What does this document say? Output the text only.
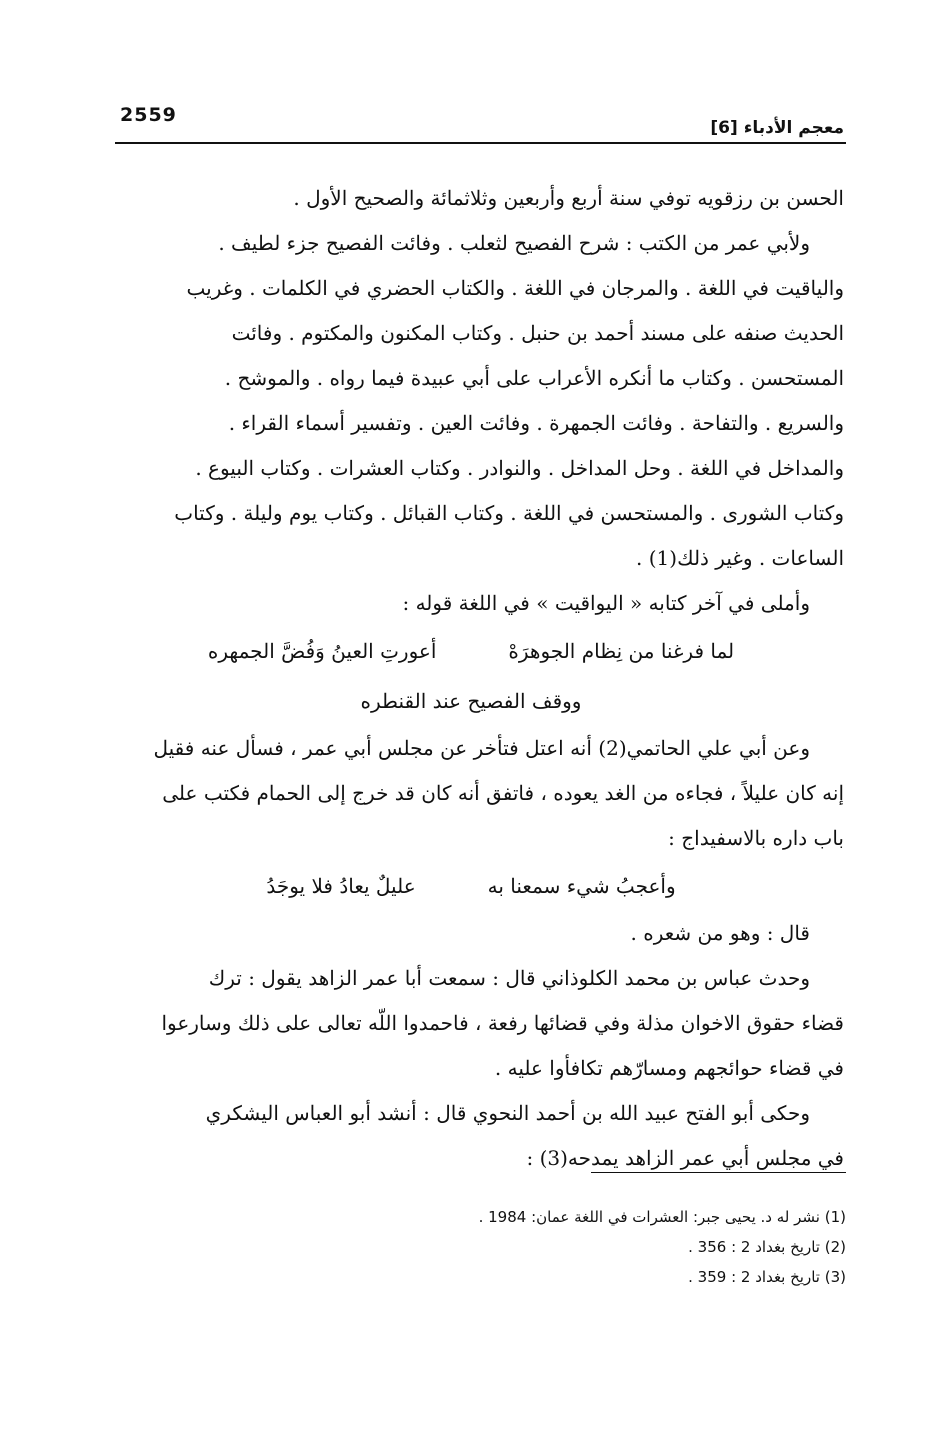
2559
معجم الأدباء [6]
الحسن بن رزقويه توفي سنة أربع وأربعين وثلاثمائة والصحيح الأول .
ولأبي عمر من الكتب : شرح الفصيح لثعلب . وفائت الفصيح جزء لطيف .
والياقيت في اللغة . والمرجان في اللغة . والكتاب الحضري في الكلمات . وغريب
الحديث صنفه على مسند أحمد بن حنبل . وكتاب المكنون والمكتوم . وفائت
المستحسن . وكتاب ما أنكره الأعراب على أبي عبيدة فيما رواه . والموشح .
والسريع . والتفاحة . وفائت الجمهرة . وفائت العين . وتفسير أسماء القراء .
والمداخل في اللغة . وحل المداخل . والنوادر . وكتاب العشرات . وكتاب البيوع .
وكتاب الشورى . والمستحسن في اللغة . وكتاب القبائل . وكتاب يوم وليلة . وكتاب
الساعات . وغير ذلك(1) .
وأملى في آخر كتابه « اليواقيت » في اللغة قوله :
لما فرغنا من نِظام الجوهرَهْ
أعورتِ العينُ وَفُضَّ الجمهره
ووقف الفصيح عند القنطره
وعن أبي علي الحاتمي(2) أنه اعتل فتأخر عن مجلس أبي عمر ، فسأل عنه فقيل
إنه كان عليلاً ، فجاءه من الغد يعوده ، فاتفق أنه كان قد خرج إلى الحمام فكتب على
باب داره بالاسفيداج :
وأعجبُ شيء سمعنا به
عليلٌ يعادُ فلا يوجَدُ
قال : وهو من شعره .
وحدث عباس بن محمد الكلوذاني قال : سمعت أبا عمر الزاهد يقول : ترك
قضاء حقوق الاخوان مذلة وفي قضائها رفعة ، فاحمدوا اللّه تعالى على ذلك وسارعوا
في قضاء حوائجهم ومسارّهم تكافأوا عليه .
وحكى أبو الفتح عبيد الله بن أحمد النحوي قال : أنشد أبو العباس اليشكري
في مجلس أبي عمر الزاهد يمدحه(3) :
(1) نشر له د. يحيى جبر: العشرات في اللغة عمان: 1984 .
(2) تاريخ بغداد 2 : 356 .
(3) تاريخ بغداد 2 : 359 .
